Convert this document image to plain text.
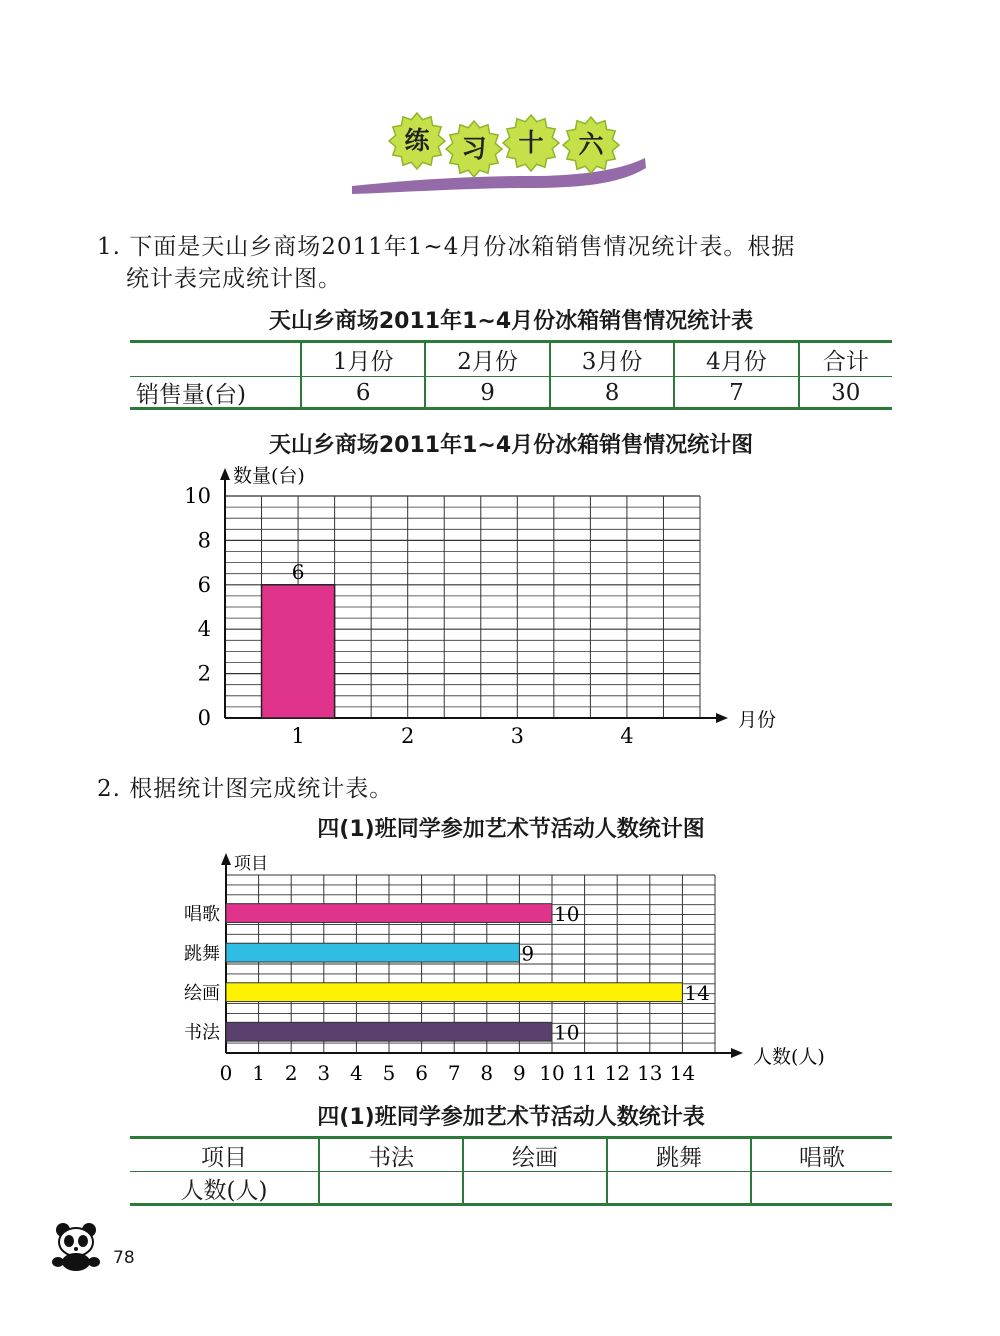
练	习	十	六
1. 下面是天山乡商场2011年1~4月份冰箱销售情况统计表。根据
统计表完成统计图。
天山乡商场2011年1~4月份冰箱销售情况统计表
	1月份	2月份	3月份	4月份	合计
销售量(台)	6	9	8	7	30
天山乡商场2011年1~4月份冰箱销售情况统计图
数量(台)
月份
0
2
4
6
8
10
1
6
2	3	4
2. 根据统计图完成统计表。
四(1)班同学参加艺术节活动人数统计图
项目
人数(人)
0 1 2 3 4 5 6 7 8 9 10 11 12 13 14
唱歌	10
跳舞	9
绘画	14
书法	10
四(1)班同学参加艺术节活动人数统计表
项目	书法	绘画	跳舞	唱歌
人数(人)				
78
